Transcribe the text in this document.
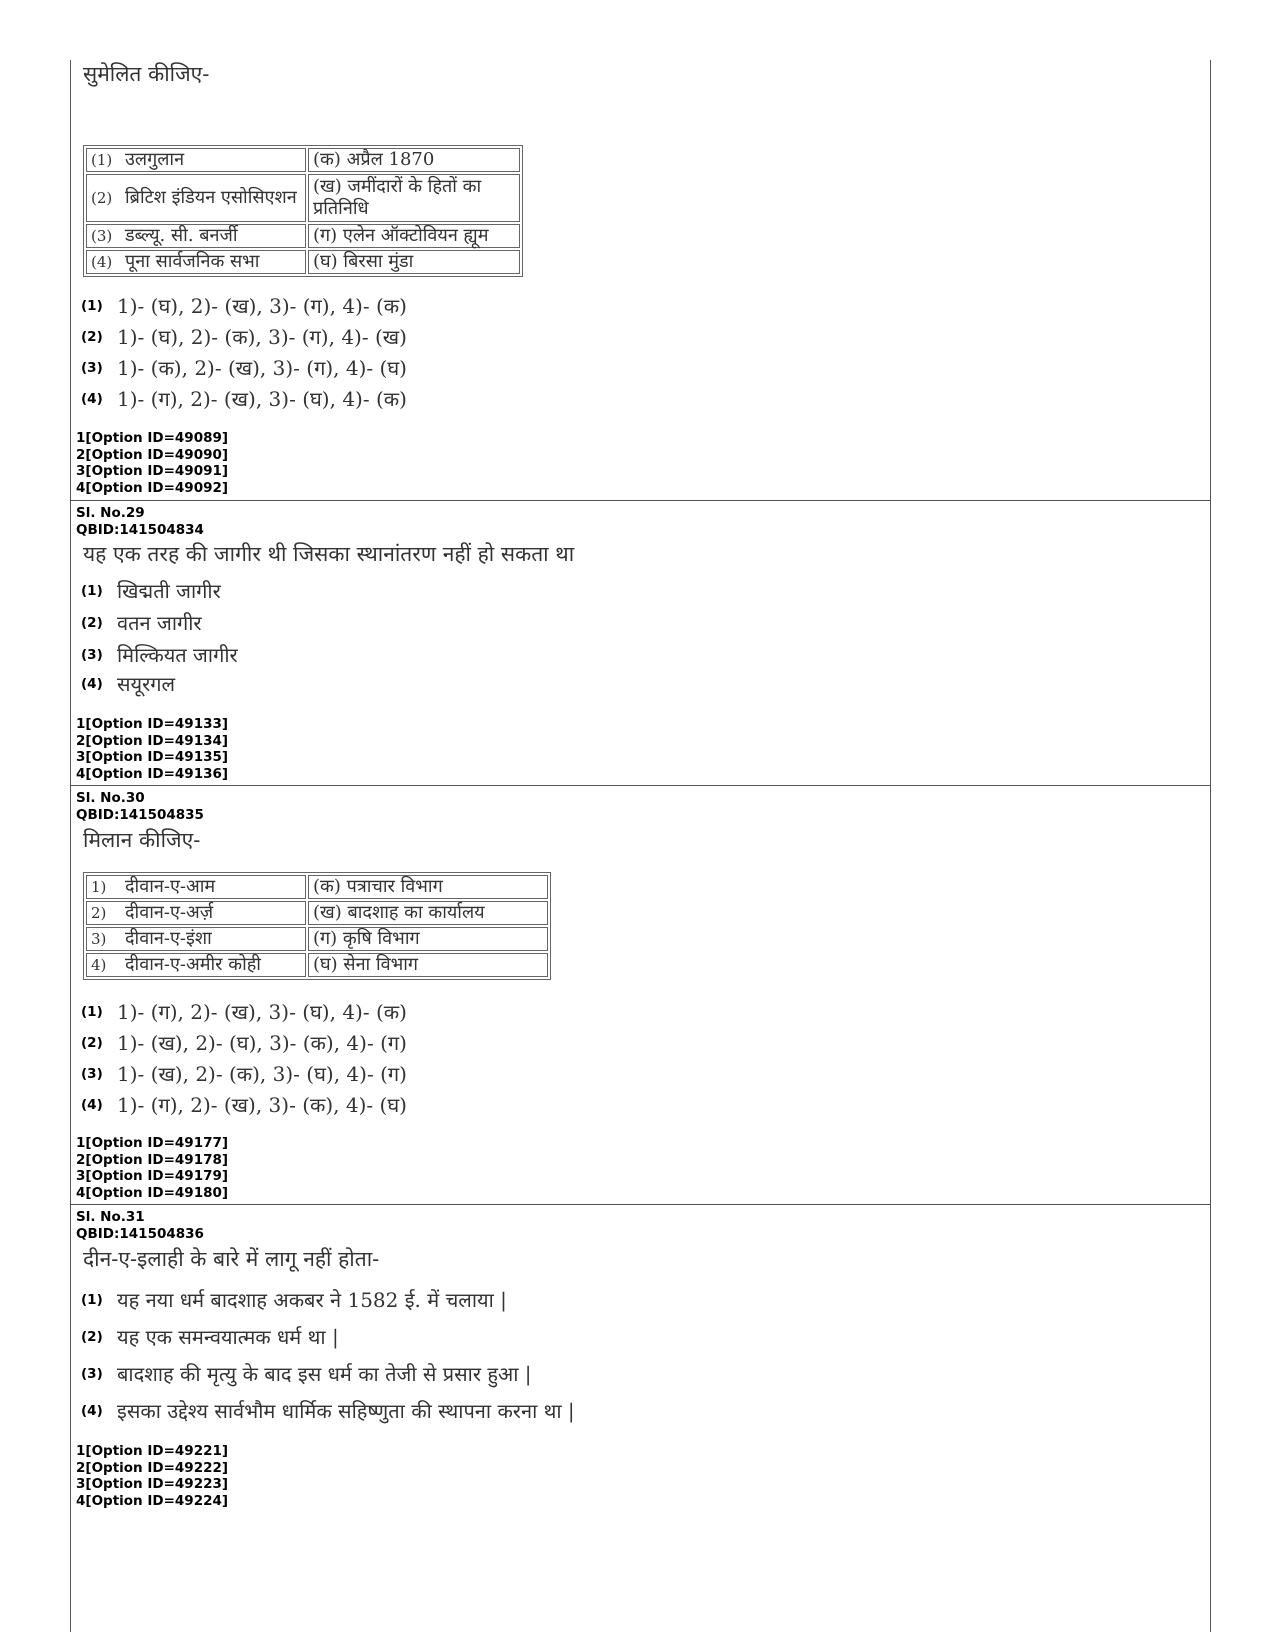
सुमेलित कीजिए-
(1) उलगुलान	(क) अप्रैल 1870
(2) ब्रिटिश इंडियन एसोसिएशन	(ख) जमींदारों के हितों का प्रतिनिधि
(3) डब्ल्यू. सी. बनर्जी	(ग) एलेन ऑक्टोवियन ह्यूम
(4) पूना सार्वजनिक सभा	(घ) बिरसा मुंडा
(1) 1)- (घ), 2)- (ख), 3)- (ग), 4)- (क)
(2) 1)- (घ), 2)- (क), 3)- (ग), 4)- (ख)
(3) 1)- (क), 2)- (ख), 3)- (ग), 4)- (घ)
(4) 1)- (ग), 2)- (ख), 3)- (घ), 4)- (क)
1[Option ID=49089]
2[Option ID=49090]
3[Option ID=49091]
4[Option ID=49092]
Sl. No.29
QBID:141504834
यह एक तरह की जागीर थी जिसका स्थानांतरण नहीं हो सकता था
(1) खिद्मती जागीर
(2) वतन जागीर
(3) मिल्कियत जागीर
(4) सयूरगल
1[Option ID=49133]
2[Option ID=49134]
3[Option ID=49135]
4[Option ID=49136]
Sl. No.30
QBID:141504835
मिलान कीजिए-
1) दीवान-ए-आम	(क) पत्राचार विभाग
2) दीवान-ए-अर्ज़	(ख) बादशाह का कार्यालय
3) दीवान-ए-इंशा	(ग) कृषि विभाग
4) दीवान-ए-अमीर कोही	(घ) सेना विभाग
(1) 1)- (ग), 2)- (ख), 3)- (घ), 4)- (क)
(2) 1)- (ख), 2)- (घ), 3)- (क), 4)- (ग)
(3) 1)- (ख), 2)- (क), 3)- (घ), 4)- (ग)
(4) 1)- (ग), 2)- (ख), 3)- (क), 4)- (घ)
1[Option ID=49177]
2[Option ID=49178]
3[Option ID=49179]
4[Option ID=49180]
Sl. No.31
QBID:141504836
दीन-ए-इलाही के बारे में लागू नहीं होता-
(1) यह नया धर्म बादशाह अकबर ने 1582 ई. में चलाया |
(2) यह एक समन्वयात्मक धर्म था |
(3) बादशाह की मृत्यु के बाद इस धर्म का तेजी से प्रसार हुआ |
(4) इसका उद्देश्य सार्वभौम धार्मिक सहिष्णुता की स्थापना करना था |
1[Option ID=49221]
2[Option ID=49222]
3[Option ID=49223]
4[Option ID=49224]
